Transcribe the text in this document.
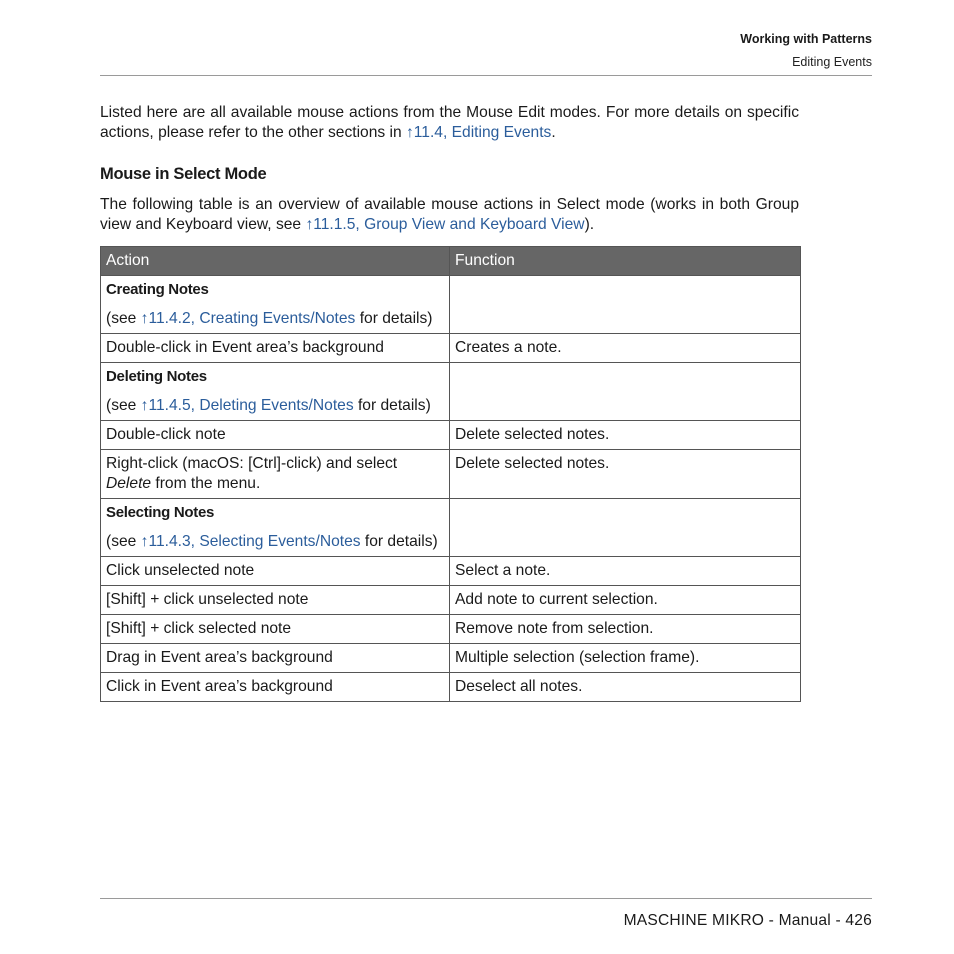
Working with Patterns
Editing Events
Listed here are all available mouse actions from the Mouse Edit modes. For more details on specific actions, please refer to the other sections in ↑11.4, Editing Events.
Mouse in Select Mode
The following table is an overview of available mouse actions in Select mode (works in both Group view and Keyboard view, see ↑11.1.5, Group View and Keyboard View).
Action	Function

Creating Notes
(see ↑11.4.2, Creating Events/Notes for details)	

Double-click in Event area’s background	Creates a note.

Deleting Notes
(see ↑11.4.5, Deleting Events/Notes for details)	

Double-click note	Delete selected notes.
Right-click (macOS: [Ctrl]-click) and select Delete from the menu.	Delete selected notes.

Selecting Notes
(see ↑11.4.3, Selecting Events/Notes for details)	

Click unselected note	Select a note.
[Shift] + click unselected note	Add note to current selection.
[Shift] + click selected note	Remove note from selection.
Drag in Event area’s background	Multiple selection (selection frame).
Click in Event area’s background	Deselect all notes.
MASCHINE MIKRO - Manual - 426
